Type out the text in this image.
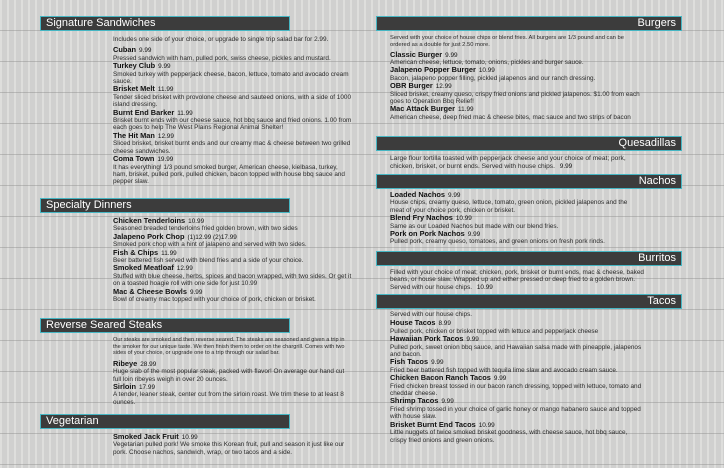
Signature Sandwiches
Includes one side of your choice, or upgrade to single trip salad bar for 2.99.
Cuban 9.99
Pressed sandwich with ham, pulled pork, swiss cheese, pickles and mustard.
Turkey Club 9.99
Smoked turkey with pepperjack cheese, bacon, lettuce, tomato and avocado cream sauce.
Brisket Melt 11.99
Tender sliced brisket with provolone cheese and sauteed onions, with a side of 1000 island dressing.
Burnt End Barker 11.99
Brisket burnt ends with our cheese sauce, hot bbq sauce and fried onions. 1.00 from each goes to help The West Plains Regional Animal Shelter!
The Hit Man 12.99
Sliced brisket, brisket burnt ends and our creamy mac & cheese between two grilled cheese sandwiches.
Coma Town 19.99
It has everything! 1/3 pound smoked burger, American cheese, kielbasa, turkey, ham, brisket, pulled pork, pulled chicken, bacon topped with house bbq sauce and pepper slaw.
Specialty Dinners
Chicken Tenderloins 10.99
Seasoned breaded tenderloins fried golden brown, with two sides
Jalapeno Pork Chop (1)12.99 (2)17.99
Smoked pork chop with a hint of jalapeno and served with two sides.
Fish & Chips 11.99
Beer battered fish served with blend fries and a side of your choice.
Smoked Meatloaf 12.99
Stuffed with blue cheese, herbs, spices and bacon wrapped, with two sides. Or get it on a toasted hoagie roll with one side for just 10.99
Mac & Cheese Bowls 9.99
Bowl of creamy mac topped with your choice of pork, chicken or brisket.
Reverse Seared Steaks
Our steaks are smoked and then reverse seared. The steaks are seasoned and given a trip in the smoker for our unique taste. We then finish them to order on the chargrill. Comes with two sides of your choice, or upgrade one to a trip through our salad bar.
Ribeye 28.99
Huge slab of the most popular steak, packed with flavor! On average our hand cut full loin ribeyes weigh in over 20 ounces.
Sirloin 17.99
A tender, leaner steak, center cut from the sirloin roast. We trim these to at least 8 ounces.
Vegetarian
Smoked Jack Fruit 10.99
Vegetarian pulled pork! We smoke this Korean fruit, pull and season it just like our pork. Choose nachos, sandwich, wrap, or two tacos and a side.
Burgers
Served with your choice of house chips or blend fries. All burgers are 1/3 pound and can be ordered as a double for just 2.50 more.
Classic Burger 9.99
American cheese, lettuce, tomato, onions, pickles and burger sauce.
Jalapeno Popper Burger 10.99
Bacon, jalapeno popper filling, pickled jalapenos and our ranch dressing.
OBR Burger 12.99
Sliced brisket, creamy queso, crispy fried onions and pickled jalapenos. $1.00 from each goes to Operation Bbq Relief!
Mac Attack Burger 11.99
American cheese, deep fried mac & cheese bites, mac sauce and two strips of bacon
Quesadillas
Large flour tortilla toasted with pepperjack cheese and your choice of meat; pork, chicken, brisket, or burnt ends. Served with house chips. 9.99
Nachos
Loaded Nachos 9.99
House chips, creamy queso, lettuce, tomato, green onion, pickled jalapenos and the meat of your choice pork, chicken or brisket.
Blend Fry Nachos 10.99
Same as our Loaded Nachos but made with our blend fries.
Pork on Pork Nachos 9.99
Pulled pork, creamy queso, tomatoes, and green onions on fresh pork rinds.
Burritos
Filled with your choice of meat; chicken, pork, brisket or burnt ends, mac & cheese, baked beans, or house slaw. Wrapped up and either pressed or deep fried to a golden brown. Served with our house chips. 10.99
Tacos
Served with our house chips.
House Tacos 8.99
Pulled pork, chicken or brisket topped with lettuce and pepperjack cheese
Hawaiian Pork Tacos 9.99
Pulled pork, sweet onion bbq sauce, and Hawaiian salsa made with pineapple, jalapenos and bacon.
Fish Tacos 9.99
Fried beer battered fish topped with tequila lime slaw and avocado cream sauce.
Chicken Bacon Ranch Tacos 9.99
Fried chicken breast tossed in our bacon ranch dressing, topped with lettuce, tomato and cheddar cheese.
Shrimp Tacos 9.99
Fried shrimp tossed in your choice of garlic honey or mango habanero sauce and topped with house slaw.
Brisket Burnt End Tacos 10.99
Little nuggets of twice smoked brisket goodness, with cheese sauce, hot bbq sauce, crispy fried onions and green onions.
